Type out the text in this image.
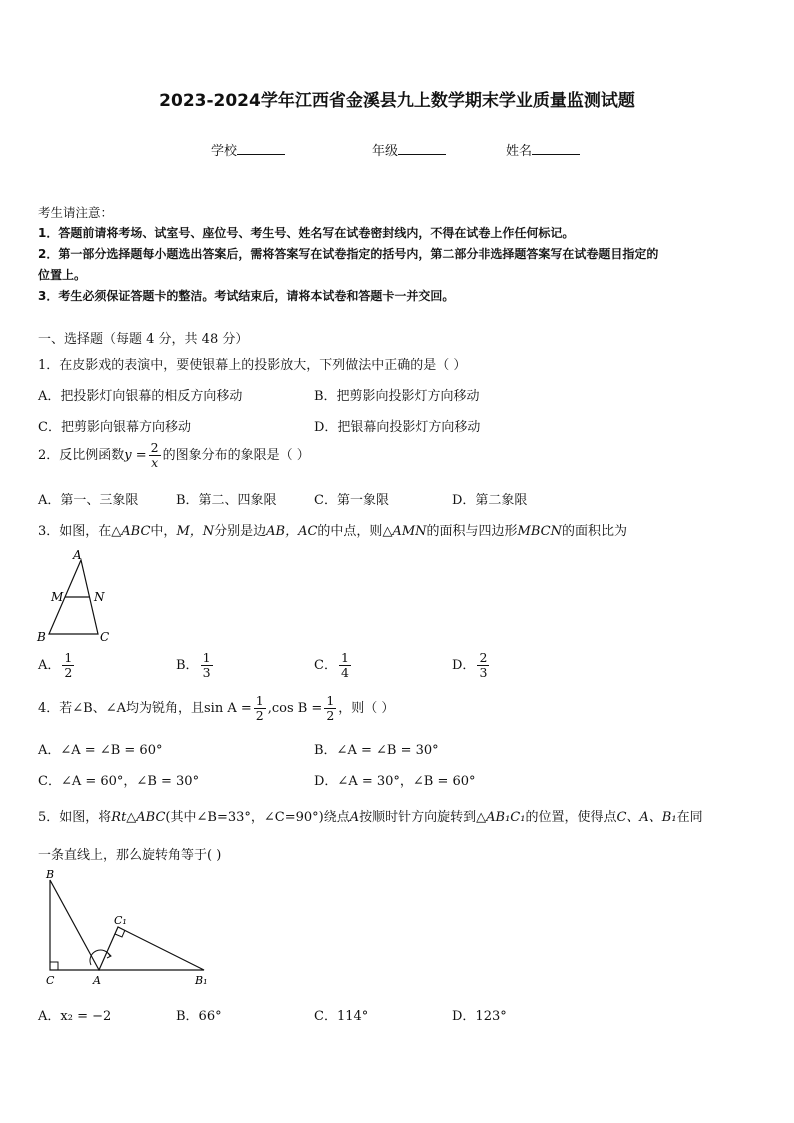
2023-2024学年江西省金溪县九上数学期末学业质量监测试题
学校	年级	姓名
考生请注意：
1．答题前请将考场、试室号、座位号、考生号、姓名写在试卷密封线内，不得在试卷上作任何标记。
2．第一部分选择题每小题选出答案后，需将答案写在试卷指定的括号内，第二部分非选择题答案写在试卷题目指定的
位置上。
3．考生必须保证答题卡的整洁。考试结束后，请将本试卷和答题卡一并交回。
一、选择题（每题 4 分，共 48 分）
1．在皮影戏的表演中，要使银幕上的投影放大，下列做法中正确的是（ ）
A．把投影灯向银幕的相反方向移动	B．把剪影向投影灯方向移动
C．把剪影向银幕方向移动	D．把银幕向投影灯方向移动
2．反比例函数$y = \frac{2}{x}$ 的图象分布的象限是（ ）
A．第一、三象限	B．第二、四象限	C．第一象限	D．第二象限
3．如图，在△ABC中，M，N分别是边AB，AC的中点，则△AMN的面积与四边形MBCN的面积比为
A
M	N
B	C
A． $\frac{1}{2}$	B． $\frac{1}{3}$	C． $\frac{1}{4}$	D． $\frac{2}{3}$
4．若∠B、∠A均为锐角，且$\sin A = \frac{1}{2} ,\cos$ $B = \frac{1}{2}$ ，则（ ）
A．∠A = ∠B = 60°	B．∠A = ∠B = 30°
C．∠A = 60°，∠B = 30°	D．∠A = 30°，∠B = 60°
5．如图，将Rt△ABC(其中∠B=33°，∠C=90°)绕点A按顺时针方向旋转到△AB₁C₁的位置，使得点C、A、B₁在同
一条直线上，那么旋转角等于( )
B
C₁
C	A	B₁
A．x₂ = −2	B．66°	C．114°	D．123°
